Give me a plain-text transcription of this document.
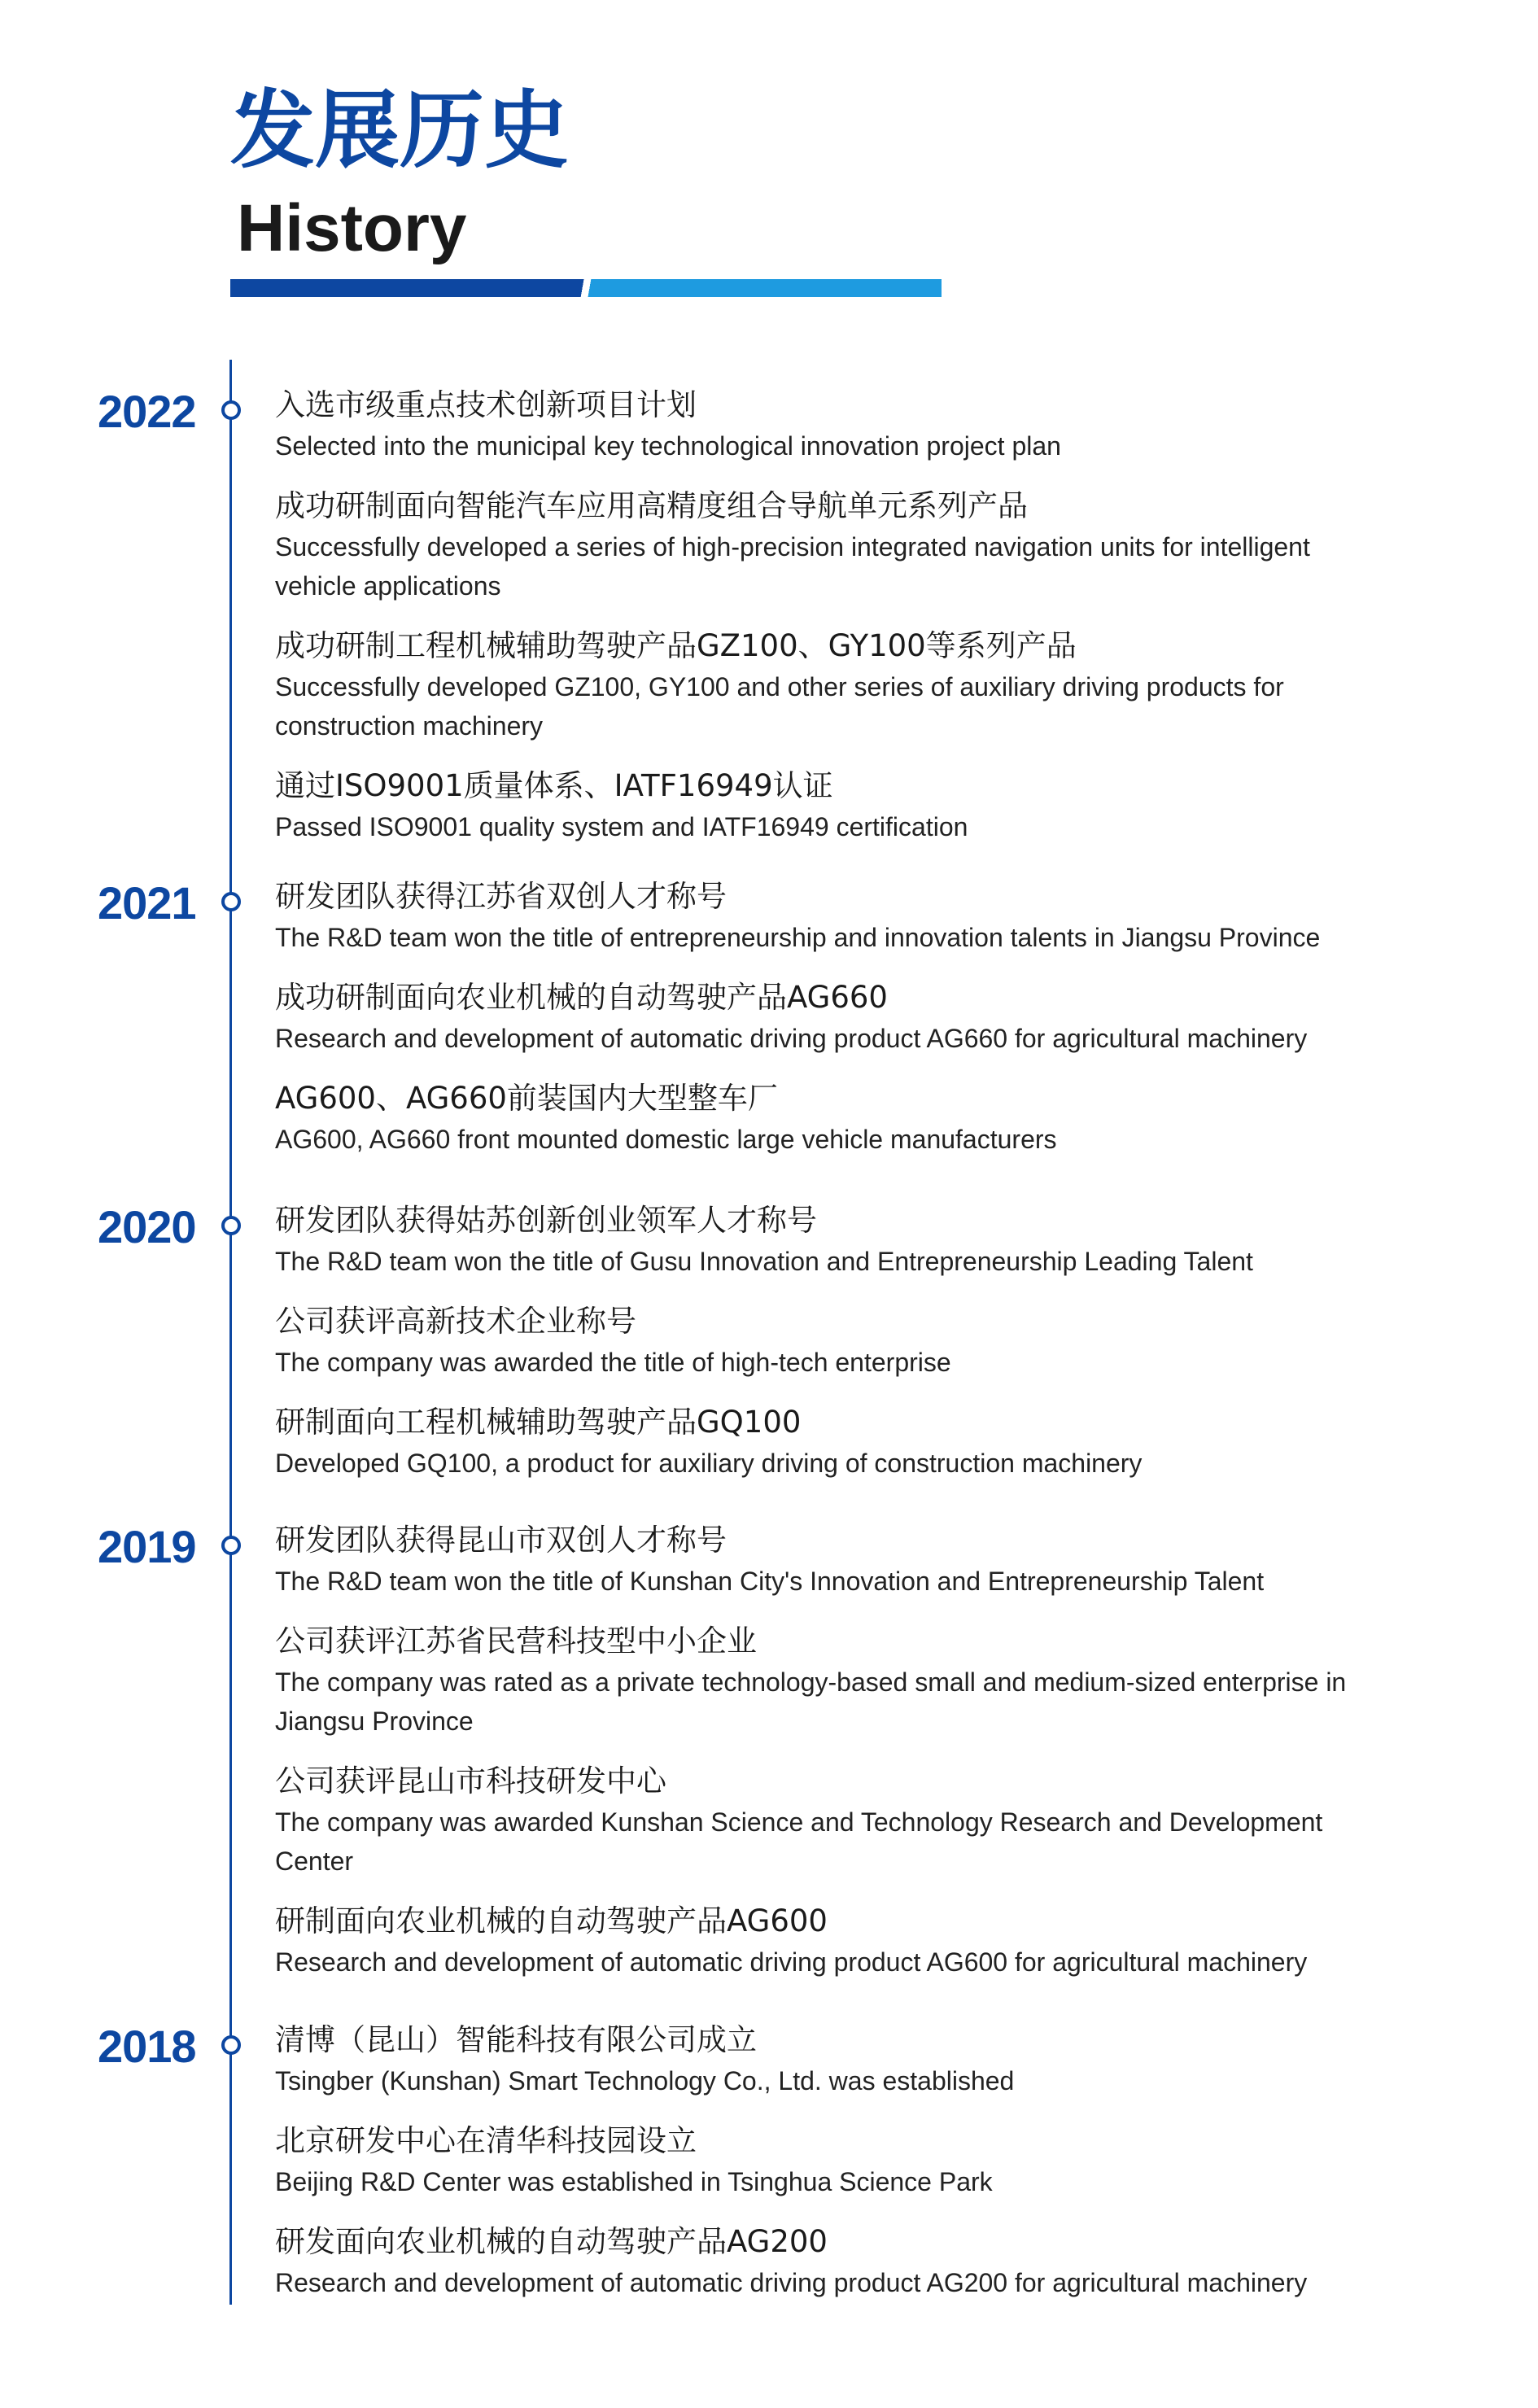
发展历史
History
2022	入选市级重点技术创新项目计划
Selected into the municipal key technological innovation project plan
成功研制面向智能汽车应用高精度组合导航单元系列产品
Successfully developed a series of high-precision integrated navigation units for intelligent vehicle applications
成功研制工程机械辅助驾驶产品GZ100、GY100等系列产品
Successfully developed GZ100, GY100 and other series of auxiliary driving products for construction machinery
通过ISO9001质量体系、IATF16949认证
Passed ISO9001 quality system and IATF16949 certification
2021	研发团队获得江苏省双创人才称号
The R&D team won the title of entrepreneurship and innovation talents in Jiangsu Province
成功研制面向农业机械的自动驾驶产品AG660
Research and development of automatic driving product AG660 for agricultural machinery
AG600、AG660前装国内大型整车厂
AG600, AG660 front mounted domestic large vehicle manufacturers
2020	研发团队获得姑苏创新创业领军人才称号
The R&D team won the title of Gusu Innovation and Entrepreneurship Leading Talent
公司获评高新技术企业称号
The company was awarded the title of high-tech enterprise
研制面向工程机械辅助驾驶产品GQ100
Developed GQ100, a product for auxiliary driving of construction machinery
2019	研发团队获得昆山市双创人才称号
The R&D team won the title of Kunshan City's Innovation and Entrepreneurship Talent
公司获评江苏省民营科技型中小企业
The company was rated as a private technology-based small and medium-sized enterprise in Jiangsu Province
公司获评昆山市科技研发中心
The company was awarded Kunshan Science and Technology Research and Development Center
研制面向农业机械的自动驾驶产品AG600
Research and development of automatic driving product AG600 for agricultural machinery
2018	清博（昆山）智能科技有限公司成立
Tsingber (Kunshan) Smart Technology Co., Ltd. was established
北京研发中心在清华科技园设立
Beijing R&D Center was established in Tsinghua Science Park
研发面向农业机械的自动驾驶产品AG200
Research and development of automatic driving product AG200 for agricultural machinery
